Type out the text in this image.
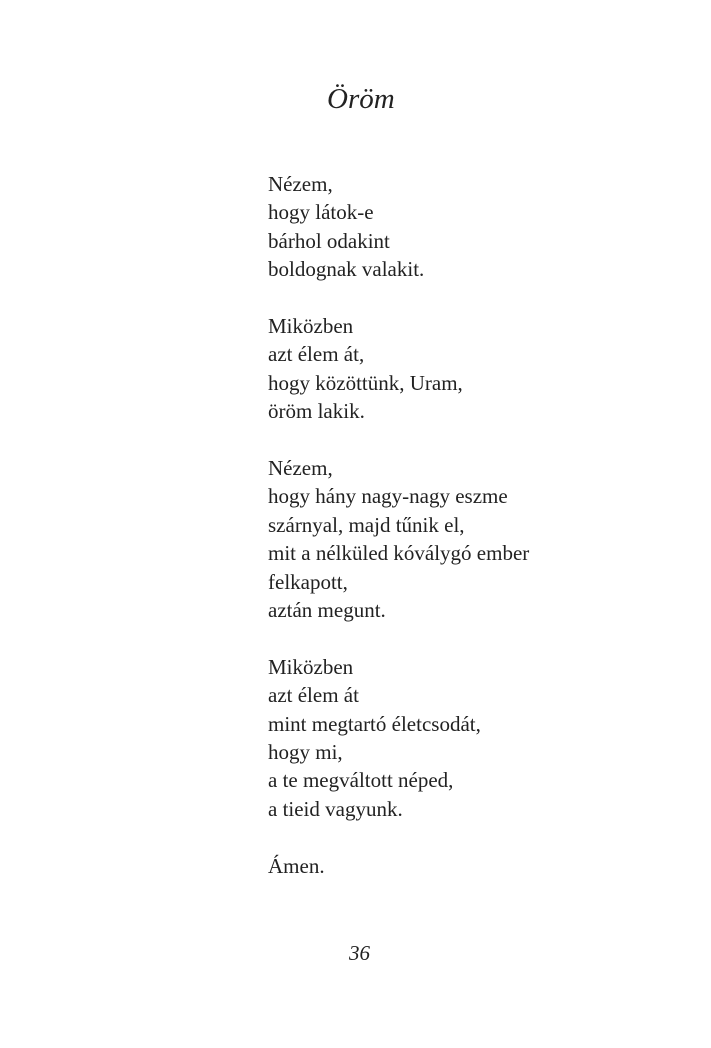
Öröm
Nézem,
hogy látok-e
bárhol odakint
boldognak valakit.
Miközben
azt élem át,
hogy közöttünk, Uram,
öröm lakik.
Nézem,
hogy hány nagy-nagy eszme
szárnyal, majd tűnik el,
mit a nélküled kóválygó ember
felkapott,
aztán megunt.
Miközben
azt élem át
mint megtartó életcsodát,
hogy mi,
a te megváltott néped,
a tieid vagyunk.
Ámen.
36
